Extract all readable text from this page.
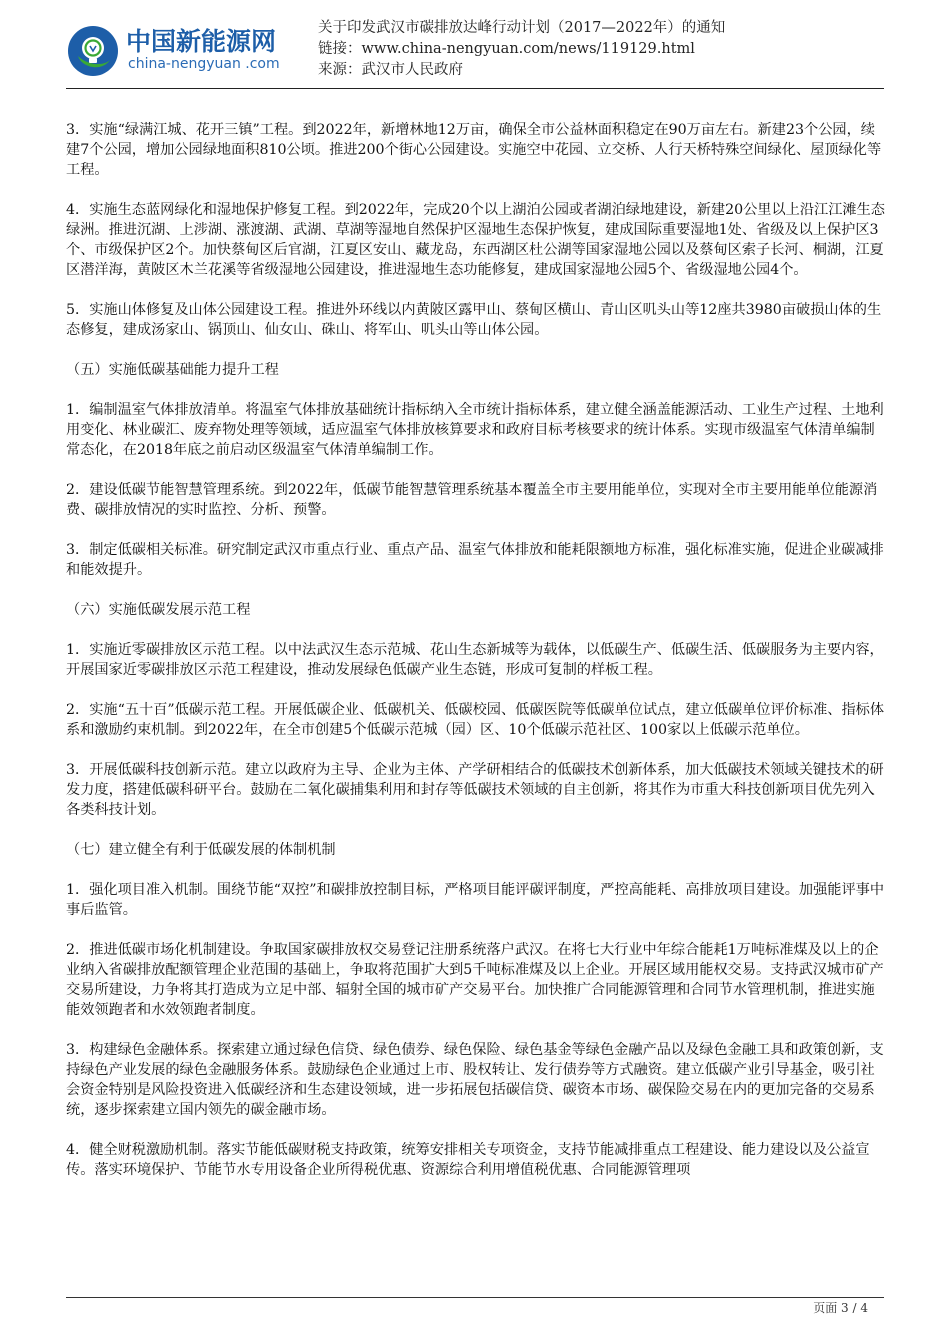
中国新能源网
china-nengyuan .com
关于印发武汉市碳排放达峰行动计划（2017—2022年）的通知
链接：www.china-nengyuan.com/news/119129.html
来源：武汉市人民政府

3．实施“绿满江城、花开三镇”工程。到2022年，新增林地12万亩，确保全市公益林面积稳定在90万亩左右。新建23个公园，续建7个公园，增加公园绿地面积810公顷。推进200个街心公园建设。实施空中花园、立交桥、人行天桥特殊空间绿化、屋顶绿化等工程。

4．实施生态蓝网绿化和湿地保护修复工程。到2022年，完成20个以上湖泊公园或者湖泊绿地建设，新建20公里以上沿江江滩生态绿洲。推进沉湖、上涉湖、涨渡湖、武湖、草湖等湿地自然保护区湿地生态保护恢复，建成国际重要湿地1处、省级及以上保护区3个、市级保护区2个。加快蔡甸区后官湖，江夏区安山、藏龙岛，东西湖区杜公湖等国家湿地公园以及蔡甸区索子长河、桐湖，江夏区潜洋海，黄陂区木兰花溪等省级湿地公园建设，推进湿地生态功能修复，建成国家湿地公园5个、省级湿地公园4个。

5．实施山体修复及山体公园建设工程。推进外环线以内黄陂区露甲山、蔡甸区横山、青山区叽头山等12座共3980亩破损山体的生态修复，建成汤家山、锅顶山、仙女山、硃山、将军山、叽头山等山体公园。

（五）实施低碳基础能力提升工程

1．编制温室气体排放清单。将温室气体排放基础统计指标纳入全市统计指标体系，建立健全涵盖能源活动、工业生产过程、土地利用变化、林业碳汇、废弃物处理等领域，适应温室气体排放核算要求和政府目标考核要求的统计体系。实现市级温室气体清单编制常态化，在2018年底之前启动区级温室气体清单编制工作。

2．建设低碳节能智慧管理系统。到2022年，低碳节能智慧管理系统基本覆盖全市主要用能单位，实现对全市主要用能单位能源消费、碳排放情况的实时监控、分析、预警。

3．制定低碳相关标准。研究制定武汉市重点行业、重点产品、温室气体排放和能耗限额地方标准，强化标准实施，促进企业碳减排和能效提升。

（六）实施低碳发展示范工程

1．实施近零碳排放区示范工程。以中法武汉生态示范城、花山生态新城等为载体，以低碳生产、低碳生活、低碳服务为主要内容，开展国家近零碳排放区示范工程建设，推动发展绿色低碳产业生态链，形成可复制的样板工程。

2．实施“五十百”低碳示范工程。开展低碳企业、低碳机关、低碳校园、低碳医院等低碳单位试点，建立低碳单位评价标准、指标体系和激励约束机制。到2022年，在全市创建5个低碳示范城（园）区、10个低碳示范社区、100家以上低碳示范单位。

3．开展低碳科技创新示范。建立以政府为主导、企业为主体、产学研相结合的低碳技术创新体系，加大低碳技术领域关键技术的研发力度，搭建低碳科研平台。鼓励在二氧化碳捕集利用和封存等低碳技术领域的自主创新，将其作为市重大科技创新项目优先列入各类科技计划。

（七）建立健全有利于低碳发展的体制机制

1．强化项目准入机制。围绕节能“双控”和碳排放控制目标，严格项目能评碳评制度，严控高能耗、高排放项目建设。加强能评事中事后监管。

2．推进低碳市场化机制建设。争取国家碳排放权交易登记注册系统落户武汉。在将七大行业中年综合能耗1万吨标准煤及以上的企业纳入省碳排放配额管理企业范围的基础上，争取将范围扩大到5千吨标准煤及以上企业。开展区域用能权交易。支持武汉城市矿产交易所建设，力争将其打造成为立足中部、辐射全国的城市矿产交易平台。加快推广合同能源管理和合同节水管理机制，推进实施能效领跑者和水效领跑者制度。

3．构建绿色金融体系。探索建立通过绿色信贷、绿色债券、绿色保险、绿色基金等绿色金融产品以及绿色金融工具和政策创新，支持绿色产业发展的绿色金融服务体系。鼓励绿色企业通过上市、股权转让、发行债券等方式融资。建立低碳产业引导基金，吸引社会资金特别是风险投资进入低碳经济和生态建设领域，进一步拓展包括碳信贷、碳资本市场、碳保险交易在内的更加完备的交易系统，逐步探索建立国内领先的碳金融市场。

4．健全财税激励机制。落实节能低碳财税支持政策，统筹安排相关专项资金，支持节能减排重点工程建设、能力建设以及公益宣传。落实环境保护、节能节水专用设备企业所得税优惠、资源综合利用增值税优惠、合同能源管理项

页面 3 / 4
